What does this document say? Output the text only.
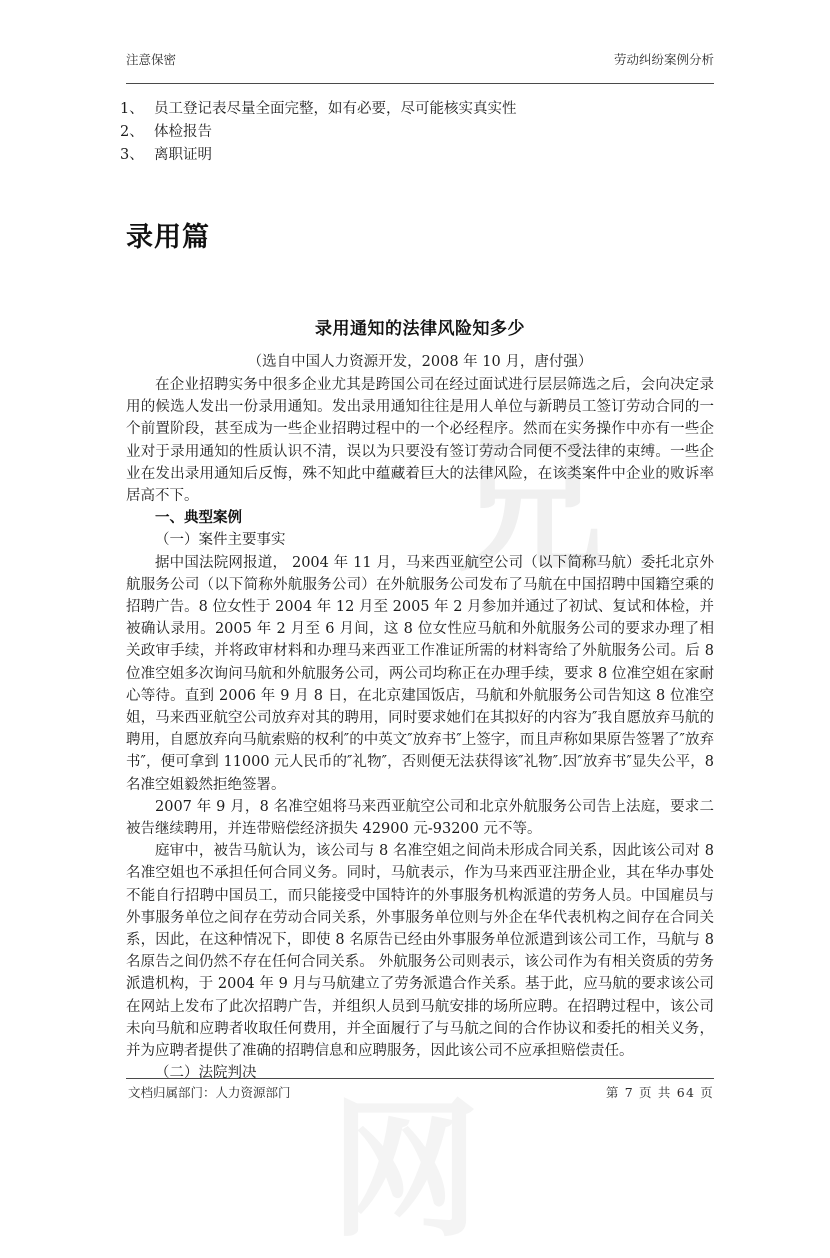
兄
网
注意保密	劳动纠纷案例分析
1、 员工登记表尽量全面完整，如有必要，尽可能核实真实性
2、 体检报告
3、 离职证明
录用篇
录用通知的法律风险知多少

（选自中国人力资源开发，2008 年 10 月，唐付强）

在企业招聘实务中很多企业尤其是跨国公司在经过面试进行层层筛选之后，会向决定录用的候选人发出一份录用通知。发出录用通知往往是用人单位与新聘员工签订劳动合同的一个前置阶段，甚至成为一些企业招聘过程中的一个必经程序。然而在实务操作中亦有一些企业对于录用通知的性质认识不清，误以为只要没有签订劳动合同便不受法律的束缚。一些企业在发出录用通知后反悔，殊不知此中蕴藏着巨大的法律风险，在该类案件中企业的败诉率居高不下。

一、典型案例

（一）案件主要事实

据中国法院网报道， 2004 年 11 月，马来西亚航空公司（以下简称马航）委托北京外航服务公司（以下简称外航服务公司）在外航服务公司发布了马航在中国招聘中国籍空乘的招聘广告。8 位女性于 2004 年 12 月至 2005 年 2 月参加并通过了初试、复试和体检，并被确认录用。2005 年 2 月至 6 月间，这 8 位女性应马航和外航服务公司的要求办理了相关政审手续，并将政审材料和办理马来西亚工作准证所需的材料寄给了外航服务公司。后 8 位准空姐多次询问马航和外航服务公司，两公司均称正在办理手续，要求 8 位准空姐在家耐心等待。直到 2006 年 9 月 8 日，在北京建国饭店，马航和外航服务公司告知这 8 位准空姐，马来西亚航空公司放弃对其的聘用，同时要求她们在其拟好的内容为″我自愿放弃马航的聘用，自愿放弃向马航索赔的权利″的中英文″放弃书″上签字，而且声称如果原告签署了″放弃书″，便可拿到 11000 元人民币的″礼物″，否则便无法获得该″礼物″.因″放弃书″显失公平，8 名准空姐毅然拒绝签署。

2007 年 9 月，8 名准空姐将马来西亚航空公司和北京外航服务公司告上法庭，要求二被告继续聘用，并连带赔偿经济损失 42900 元-93200 元不等。

庭审中，被告马航认为，该公司与 8 名准空姐之间尚未形成合同关系，因此该公司对 8 名准空姐也不承担任何合同义务。同时，马航表示，作为马来西亚注册企业，其在华办事处不能自行招聘中国员工，而只能接受中国特许的外事服务机构派遣的劳务人员。中国雇员与外事服务单位之间存在劳动合同关系，外事服务单位则与外企在华代表机构之间存在合同关系，因此，在这种情况下，即使 8 名原告已经由外事服务单位派遣到该公司工作，马航与 8 名原告之间仍然不存在任何合同关系。 外航服务公司则表示，该公司作为有相关资质的劳务派遣机构，于 2004 年 9 月与马航建立了劳务派遣合作关系。基于此，应马航的要求该公司在网站上发布了此次招聘广告，并组织人员到马航安排的场所应聘。在招聘过程中，该公司未向马航和应聘者收取任何费用，并全面履行了与马航之间的合作协议和委托的相关义务，并为应聘者提供了准确的招聘信息和应聘服务，因此该公司不应承担赔偿责任。

（二）法院判决

文档归属部门：人力资源部门	第 7 页 共 64 页
